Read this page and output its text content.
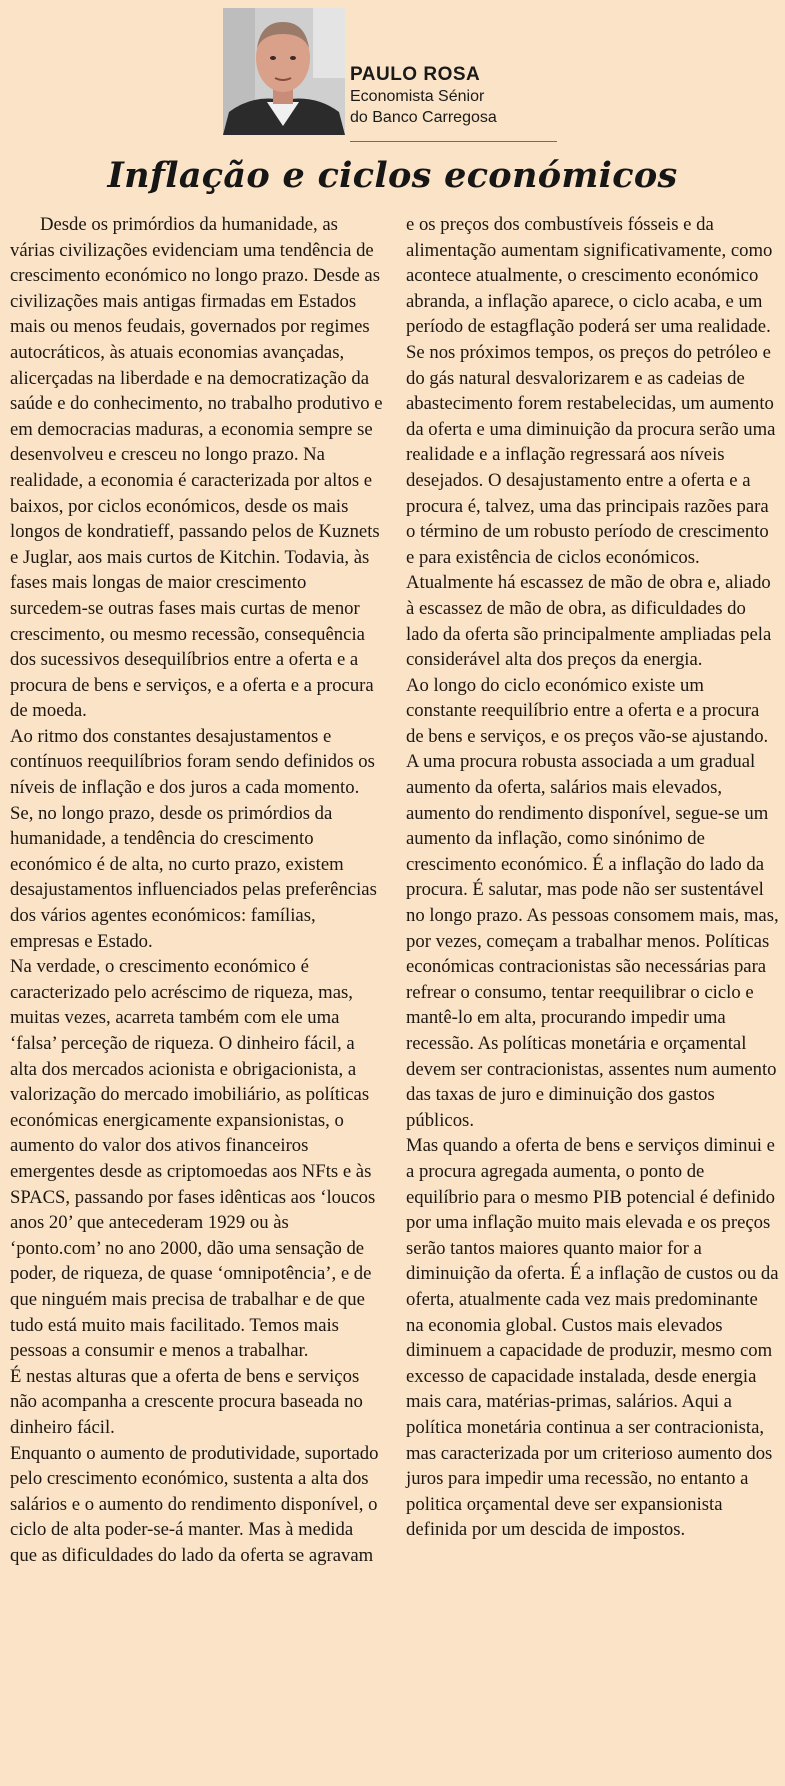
PAULO ROSA
Economista Sénior
do Banco Carregosa
Inflação e ciclos económicos

Desde os primórdios da humanidade, as várias civilizações evidenciam uma tendência de crescimento económico no longo prazo. Desde as civilizações mais antigas firmadas em Estados mais ou menos feudais, governados por regimes autocráticos, às atuais economias avançadas, alicerçadas na liberdade e na democratização da saúde e do conhecimento, no trabalho produtivo e em democracias maduras, a economia sempre se desenvolveu e cresceu no longo prazo. Na realidade, a economia é caracterizada por altos e baixos, por ciclos económicos, desde os mais longos de kondratieff, passando pelos de Kuznets e Juglar, aos mais curtos de Kitchin. Todavia, às fases mais longas de maior crescimento surcedem-se outras fases mais curtas de menor crescimento, ou mesmo recessão, consequência dos sucessivos desequilíbrios entre a oferta e a procura de bens e serviços, e a oferta e a procura de moeda.

Ao ritmo dos constantes desajustamentos e contínuos reequilíbrios foram sendo definidos os níveis de inflação e dos juros a cada momento.

Se, no longo prazo, desde os primórdios da humanidade, a tendência do crescimento económico é de alta, no curto prazo, existem desajustamentos influenciados pelas preferências dos vários agentes económicos: famílias, empresas e Estado.

Na verdade, o crescimento económico é caracterizado pelo acréscimo de riqueza, mas, muitas vezes, acarreta também com ele uma ‘falsa’ perceção de riqueza. O dinheiro fácil, a alta dos mercados acionista e obrigacionista, a valorização do mercado imobiliário, as políticas económicas energicamente expansionistas, o aumento do valor dos ativos financeiros emergentes desde as criptomoedas aos NFts e às SPACS, passando por fases idênticas aos ‘loucos anos 20’ que antecederam 1929 ou às ‘ponto.com’ no ano 2000, dão uma sensação de poder, de riqueza, de quase ‘omnipotência’, e de que ninguém mais precisa de trabalhar e de que tudo está muito mais facilitado. Temos mais pessoas a consumir e menos a trabalhar.

É nestas alturas que a oferta de bens e serviços não acompanha a crescente procura baseada no dinheiro fácil.

Enquanto o aumento de produtividade, suportado pelo crescimento económico, sustenta a alta dos salários e o aumento do rendimento disponível, o ciclo de alta poder-se-á manter. Mas à medida que as dificuldades do lado da oferta se agravam

e os preços dos combustíveis fósseis e da alimentação aumentam significativamente, como acontece atualmente, o crescimento económico abranda, a inflação aparece, o ciclo acaba, e um período de estagflação poderá ser uma realidade. Se nos próximos tempos, os preços do petróleo e do gás natural desvalorizarem e as cadeias de abastecimento forem restabelecidas, um aumento da oferta e uma diminuição da procura serão uma realidade e a inflação regressará aos níveis desejados. O desajustamento entre a oferta e a procura é, talvez, uma das principais razões para o término de um robusto período de crescimento e para existência de ciclos económicos. Atualmente há escassez de mão de obra e, aliado à escassez de mão de obra, as dificuldades do lado da oferta são principalmente ampliadas pela considerável alta dos preços da energia.

Ao longo do ciclo económico existe um constante reequilíbrio entre a oferta e a procura de bens e serviços, e os preços vão-se ajustando. A uma procura robusta associada a um gradual aumento da oferta, salários mais elevados, aumento do rendimento disponível, segue-se um aumento da inflação, como sinónimo de crescimento económico. É a inflação do lado da procura. É salutar, mas pode não ser sustentável no longo prazo. As pessoas consomem mais, mas, por vezes, começam a trabalhar menos. Políticas económicas contracionistas são necessárias para refrear o consumo, tentar reequilibrar o ciclo e mantê-lo em alta, procurando impedir uma recessão. As políticas monetária e orçamental devem ser contracionistas, assentes num aumento das taxas de juro e diminuição dos gastos públicos.

Mas quando a oferta de bens e serviços diminui e a procura agregada aumenta, o ponto de equilíbrio para o mesmo PIB potencial é definido por uma inflação muito mais elevada e os preços serão tantos maiores quanto maior for a diminuição da oferta. É a inflação de custos ou da oferta, atualmente cada vez mais predominante na economia global. Custos mais elevados diminuem a capacidade de produzir, mesmo com excesso de capacidade instalada, desde energia mais cara, matérias-primas, salários. Aqui a política monetária continua a ser contracionista, mas caracterizada por um criterioso aumento dos juros para impedir uma recessão, no entanto a politica orçamental deve ser expansionista definida por um descida de impostos.
